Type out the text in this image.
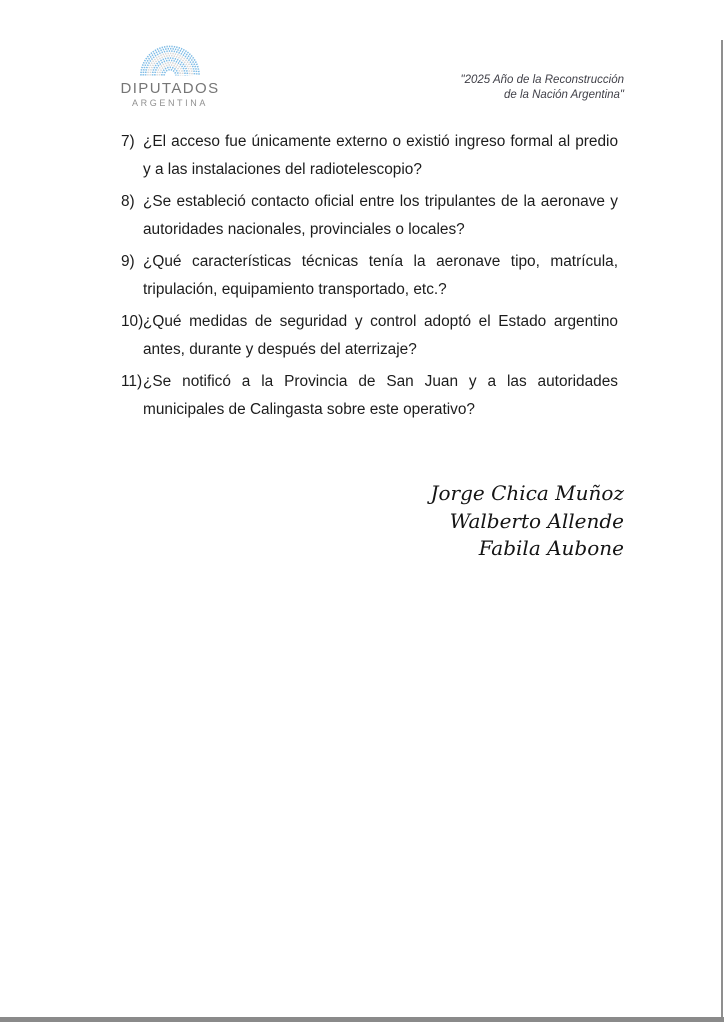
DIPUTADOS
ARGENTINA
"2025 Año de la Reconstrucción
de la Nación Argentina"

7) ¿El acceso fue únicamente externo o existió ingreso formal al predio y a las instalaciones del radiotelescopio?

8) ¿Se estableció contacto oficial entre los tripulantes de la aeronave y autoridades nacionales, provinciales o locales?

9) ¿Qué características técnicas tenía la aeronave tipo, matrícula, tripulación, equipamiento transportado, etc.?

10)¿Qué medidas de seguridad y control adoptó el Estado argentino antes, durante y después del aterrizaje?

11)¿Se notificó a la Provincia de San Juan y a las autoridades municipales de Calingasta sobre este operativo?

Jorge Chica Muñoz
Walberto Allende
Fabila Aubone
